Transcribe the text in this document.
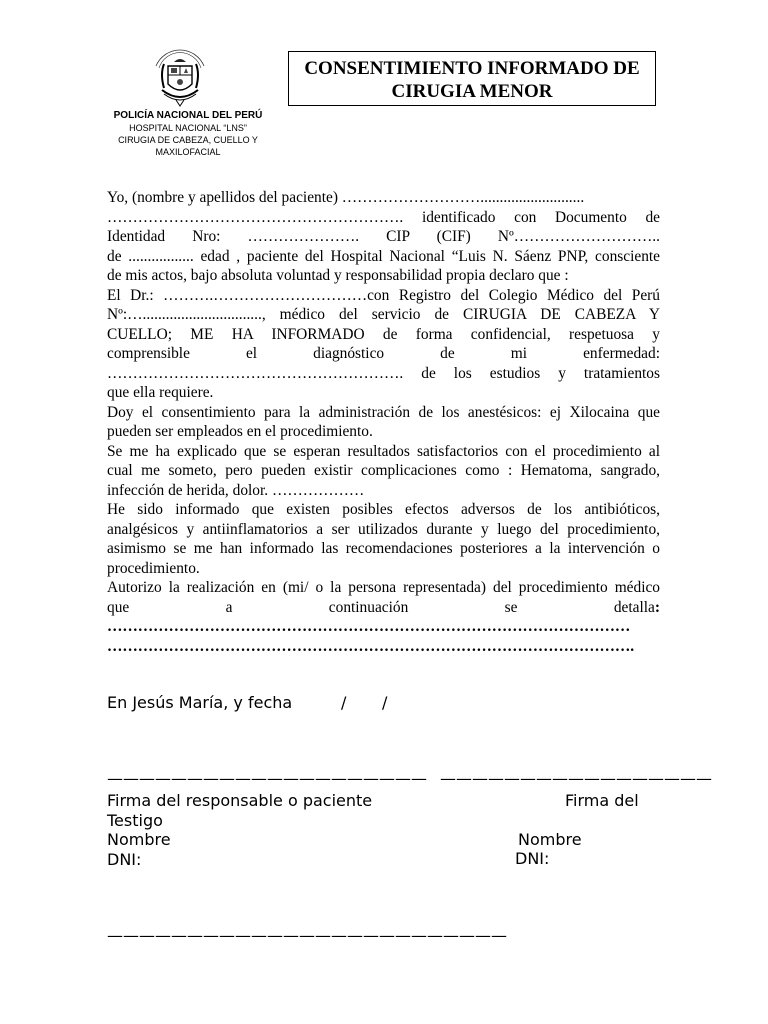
POLICÍA NACIONAL DEL PERÚ
HOSPITAL NACIONAL “LNS”
CIRUGIA DE CABEZA, CUELLO Y
MAXILOFACIAL
CONSENTIMIENTO INFORMADO DE
CIRUGIA MENOR
Yo, (nombre y apellidos del paciente) ………………………...........................
…………………………………………………. identificado con Documento de
Identidad Nro: …………………. CIP (CIF) Nº………………………..
de ................. edad , paciente del Hospital Nacional “Luis N. Sáenz PNP, consciente
de mis actos, bajo absoluta voluntad y responsabilidad propia declaro que :
El Dr.: ……….…………………………con Registro del Colegio Médico del Perú
Nº:…..............................., médico del servicio de CIRUGIA DE CABEZA Y
CUELLO; ME HA INFORMADO de forma confidencial, respetuosa y
comprensible el diagnóstico de mi enfermedad:
…………………………………………………. de los estudios y tratamientos
que ella requiere.
Doy el consentimiento para la administración de los anestésicos: ej Xilocaina que
pueden ser empleados en el procedimiento.
Se me ha explicado que se esperan resultados satisfactorios con el procedimiento al
cual me someto, pero pueden existir complicaciones como : Hematoma, sangrado,
infección de herida, dolor. ………………
He sido informado que existen posibles efectos adversos de los antibióticos,
analgésicos y antiinflamatorios a ser utilizados durante y luego del procedimiento,
asimismo se me han informado las recomendaciones posteriores a la intervención o
procedimiento.
Autorizo la realización en (mi/ o la persona representada) del procedimiento médico
que a continuación se detalla:
…………………………………………………………………………………………
………………………………………………………………………………………….
En Jesús María, y fecha	/ /
———————————————————— —————————————————
Firma del responsable o paciente
Testigo
Nombre
DNI:
Firma del
Nombre
DNI:
—————————————————————————
